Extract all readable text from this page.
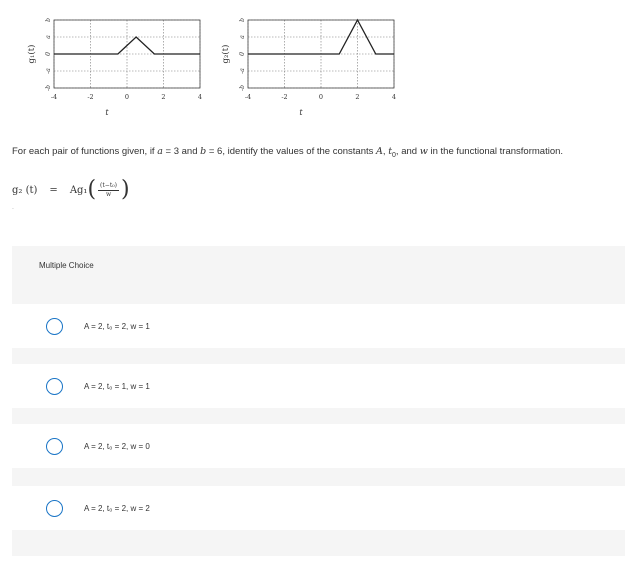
b
a
0
-a
-b
-4	-2	0	2	4
t
g₁(t)
b
a
0
-a
-b
-4	-2	0	2	4
t
g₂(t)
For each pair of functions given, if a = 3 and b = 6, identify the values of the constants A, $t_0$, and w in the functional transformation.
g₂ (t) = Ag₁ ( $\frac{\text{(t−t₀)}}{w}$ )
˙
Multiple Choice
A = 2, t₀ = 2, w = 1
A = 2, t₀ = 1, w = 1
A = 2, t₀ = 2, w = 0
A = 2, t₀ = 2, w = 2
